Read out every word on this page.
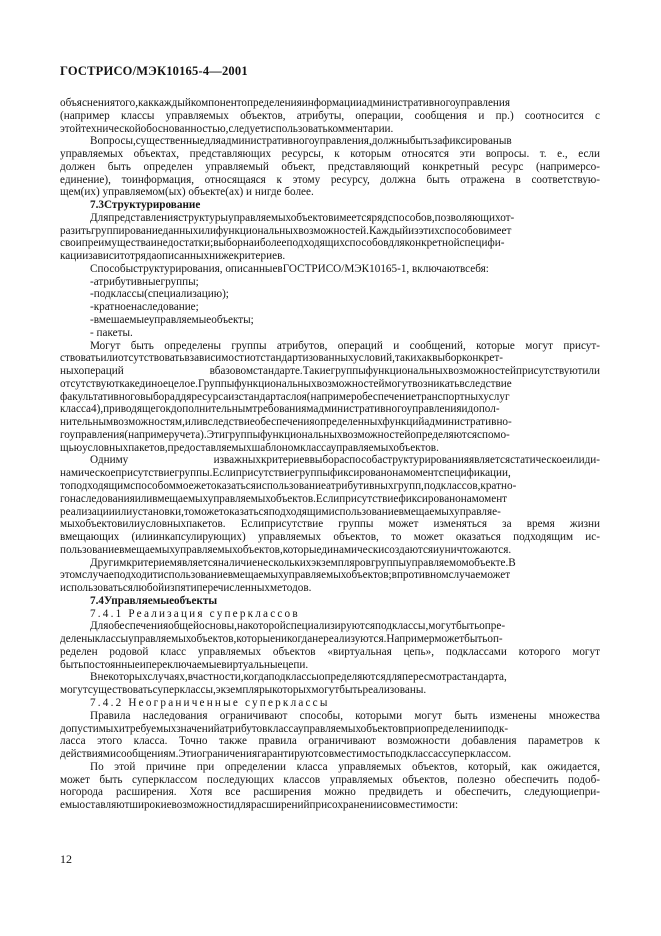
ГОСТРИСО/МЭК10165-4—2001
объяснениятого,каккаждыйкомпонентопределенияинформацииадминистративногоуправления
(например классы управляемых объектов, атрибуты, операции, сообщения и пр.) соотносится с
этойтехническойобоснованностью,следуетиспользоватькомментарии.
Вопросы,существенныедляадминистративногоуправления,должныбытьзафиксированыв
управляемых объектах, представляющих ресурсы, к которым относятся эти вопросы. т. е., если
должен быть определен управляемый объект, представляющий конкретный ресурс (напримерсо-
единение), тоинформация, относящаяся к этому ресурсу, должна быть отражена в соответствую-
щем(их) управляемом(ых) объекте(ах) и нигде более.
7.3Структурирование
Дляпредставленияструктурыуправляемыхобъектовимеетсярядспособов,позволяющихот-
разитьгруппированиеданныхилифункциональныхвозможностей.Каждыйизэтихспособовимеет
своипреимуществаинедостатки;выборнаиболееподходящихспособовдляконкретнойспецифи-
кациизависитотрядаописанныхнижекритериев.
Способыструктурирования, описанныевГОСТРИСО/МЭК10165-1, включаютвсебя:
-атрибутивныегруппы;
-подклассы(специализацию);
-кратноенаследование;
-вмешаемыеуправляемыеобъекты;
- пакеты.
Могут быть определены группы атрибутов, операций и сообщений, которые могут присут-
ствоватьилиотсутствоватьвзависимостиотстандартизованныхусловий,такихаквыборконкрет-
ныхопераций вбазовомстандарте.Такиегруппыфункциональныхвозможностейприсутствуютили
отсутствуюткакединоецелое.Группыфункциональныхвозможностеймогутвозникатьвследствие
факультативноговыбораддяресурсаизстандартаслоя(напримеробеспечениетранспортныхуслуг
класса4),приводящегокдополнительнымтребованиямадминистративногоуправленияидопол-
нительнымвозможностям,иливследствиеобеспеченияопределенныхфункцийадминистративно-
гоуправления(напримеручета).Этигруппыфункциональныхвозможностейопределяютсяспомо-
щьюусловныхпакетов,предоставляемыхшаблономклассауправляемыхобъектов.
Одниму изважныхкритериеввыбораспособаструктурированияявляетсястатическоеилиди-
намическоеприсутствиегруппы.Еслиприсутствиегруппыфиксированонамоментспецификации,
топодходящимспособоммоежетоказатьсяиспользованиеатрибутивныхгрупп,подклассов,кратно-
гонаследованияиливмещаемыхуправляемыхобъектов.Еслиприсутствиефиксированонамомент
реализацииилиустановки,томожетоказатьсяподходящимиспользованиевмещаемыхуправляе-
мыхобъектовилиусловныхпакетов. Еслиприсутствие группы может изменяться за время жизни
вмещающих (илиинкапсулирующих) управляемых объектов, то может оказаться подходящим ис-
пользованиевмещаемыхуправляемыхобъектов,которыединамическисоздаютсяиуничтожаются.
Другимкритериемявляетсяналичиенесколькихэкземпляровгруппыуправляемомобъекте.В
этомслучаеподходитиспользованиевмещаемыхуправляемыхобъектов;впротивномслучаеможет
использоватьсялюбойизпятиперечисленныхметодов.
7.4Управляемыеобъекты
7.4.1 Реализация суперклассов
Дляобеспеченияобщейосновы,накоторойспециализируютсяподклассы,могутбытьопре-
деленыклассыуправляемыхобъектов,которыеникогданереализуются.Напримерможетбытьоп-
ределен родовой класс управляемых объектов «виртуальная цепь», подклассами которого могут
бытьпостоянныеипереключаемыевиртуальныецепи.
Внекоторыхслучаях,вчастности,когдаподклассыопределяютсядляпересмотрастандарта,
могутсуществоватьсуперклассы,экземплярыкоторыхмогутбытьреализованы.
7.4.2 Неограниченные суперклассы
Правила наследования ограничивают способы, которыми могут быть изменены множества
допустимыхитребуемыхзначенийатрибутовклассауправляемыхобъектовприопределенииподк-
ласса этого класса. Точно также правила ограничивают возможности добавления параметров к
действиямисообщениям.Этиограничениягарантируютсовместимостьподклассассуперклассом.
По этой причине при определении класса управляемых объектов, который, как ожидается,
может быть суперклассом последующих классов управляемых объектов, полезно обеспечить подоб-
ногорода расширения. Хотя все расширения можно предвидеть и обеспечить, следующиепри-
емыоставляютширокиевозможностидлярасширенийприсохранениисовместимости:
12
